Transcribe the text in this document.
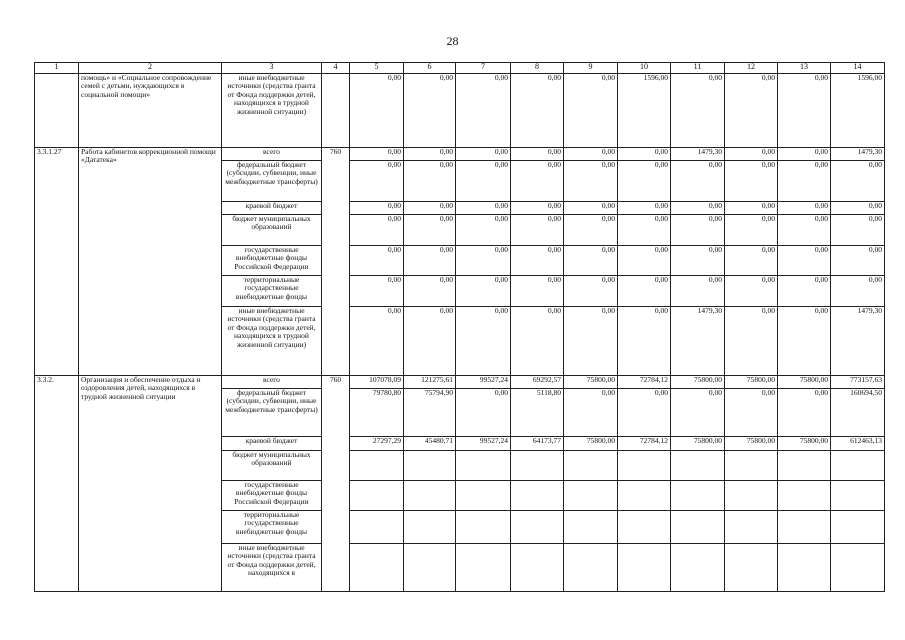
28
1	2	3	4	5	6	7	8	9	10	11	12	13	14
	помощь» и «Социальное сопровождение семей с детьми, нуждающихся в социальной помощи»	иные внебюджетные источники (средства гранта от Фонда поддержки детей, находящихся в трудной жизненной ситуации)		0,00	0,00	0,00	0,00	0,00	1596,00	0,00	0,00	0,00	1596,00
3.3.1.27	Работа кабинетов коррекционной помощи «Дататека»	всего	760	0,00	0,00	0,00	0,00	0,00	0,00	1479,30	0,00	0,00	1479,30
		федеральный бюджет (субсидии, субвенции, иные межбюджетные трансферты)		0,00	0,00	0,00	0,00	0,00	0,00	0,00	0,00	0,00	0,00
		краевой бюджет		0,00	0,00	0,00	0,00	0,00	0,00	0,00	0,00	0,00	0,00
		бюджет муниципальных образований		0,00	0,00	0,00	0,00	0,00	0,00	0,00	0,00	0,00	0,00
		государственные внебюджетные фонды Российской Федерации		0,00	0,00	0,00	0,00	0,00	0,00	0,00	0,00	0,00	0,00
		территориальные государственные внебюджетные фонды		0,00	0,00	0,00	0,00	0,00	0,00	0,00	0,00	0,00	0,00
		иные внебюджетные источники (средства гранта от Фонда поддержки детей, находящихся в трудной жизненной ситуации)		0,00	0,00	0,00	0,00	0,00	0,00	1479,30	0,00	0,00	1479,30
3.3.2.	Организация и обеспечение отдыха и оздоровления детей, находящихся в трудной жизненной ситуации	всего	760	107078,09	121275,61	99527,24	69292,57	75800,00	72784,12	75800,00	75800,00	75800,00	773157,63
		федеральный бюджет (субсидии, субвенции, иные межбюджетные трансферты)		79780,80	75794,90	0,00	5118,80	0,00	0,00	0,00	0,00	0,00	160694,50
		краевой бюджет		27297,29	45480,71	99527,24	64173,77	75800,00	72784,12	75800,00	75800,00	75800,00	612463,13
		бюджет муниципальных образований											
		государственные внебюджетные фонды Российской Федерации											
		территориальные государственные внебюджетные фонды											
		иные внебюджетные источники (средства гранта от Фонда поддержки детей, находящихся в											
